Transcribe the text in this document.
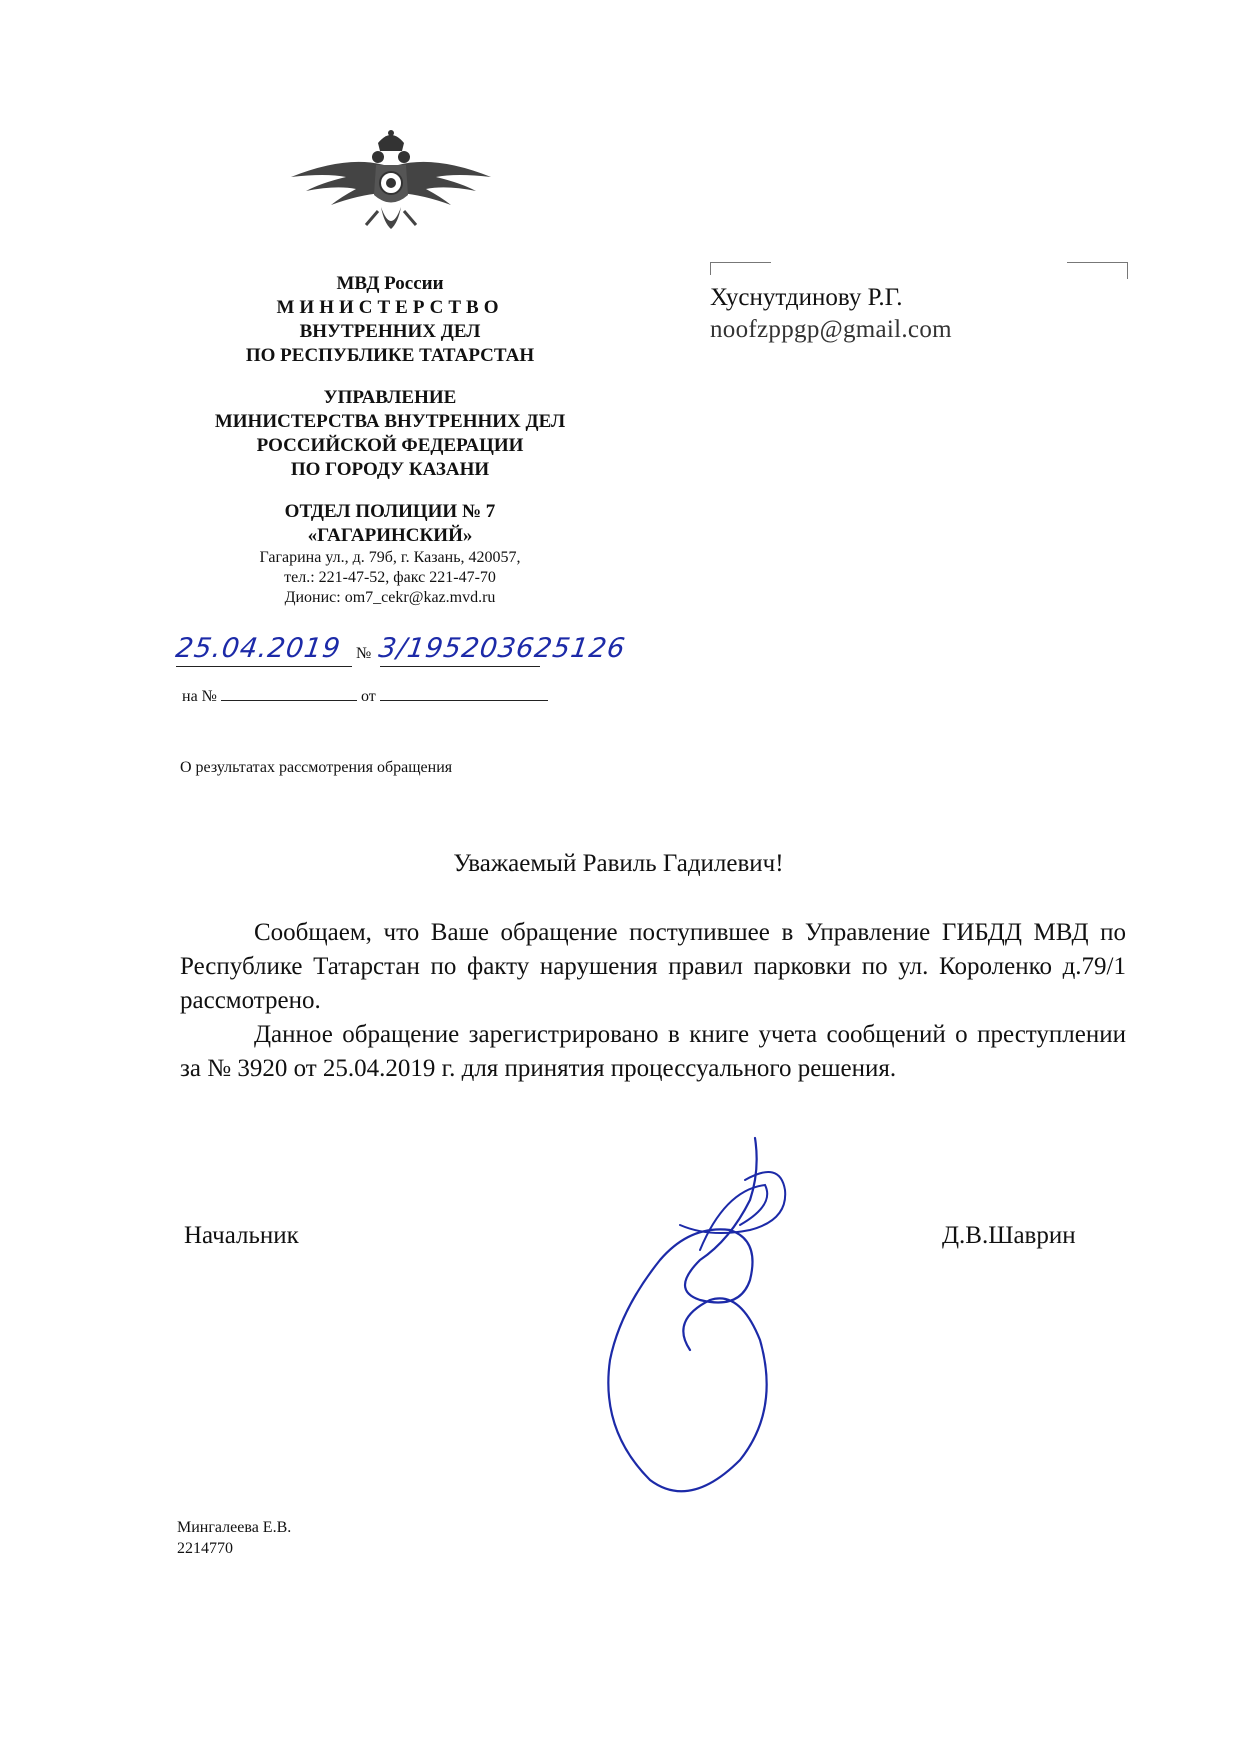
МВД России
МИНИСТЕРСТВО
ВНУТРЕННИХ ДЕЛ
ПО РЕСПУБЛИКЕ ТАТАРСТАН
УПРАВЛЕНИЕ
МИНИСТЕРСТВА ВНУТРЕННИХ ДЕЛ
РОССИЙСКОЙ ФЕДЕРАЦИИ
ПО ГОРОДУ КАЗАНИ
ОТДЕЛ ПОЛИЦИИ № 7
«ГАГАРИНСКИЙ»
Гагарина ул., д. 79б, г. Казань, 420057,
тел.: 221-47-52, факс 221-47-70
Дионис: om7_cekr@kaz.mvd.ru
25.04.2019 № 3/195203625126
на №	от
О результатах рассмотрения обращения
Хуснутдинову Р.Г.
noofzppgp@gmail.com
Уважаемый Равиль Гадилевич!

Сообщаем, что Ваше обращение поступившее в Управление ГИБДД МВД по Республике Татарстан по факту нарушения правил парковки по ул. Короленко д.79/1 рассмотрено.

Данное обращение зарегистрировано в книге учета сообщений о преступлении за № 3920 от 25.04.2019 г. для принятия процессуального решения.

Начальник	Д.В.Шаврин
Мингалеева Е.В.
2214770
